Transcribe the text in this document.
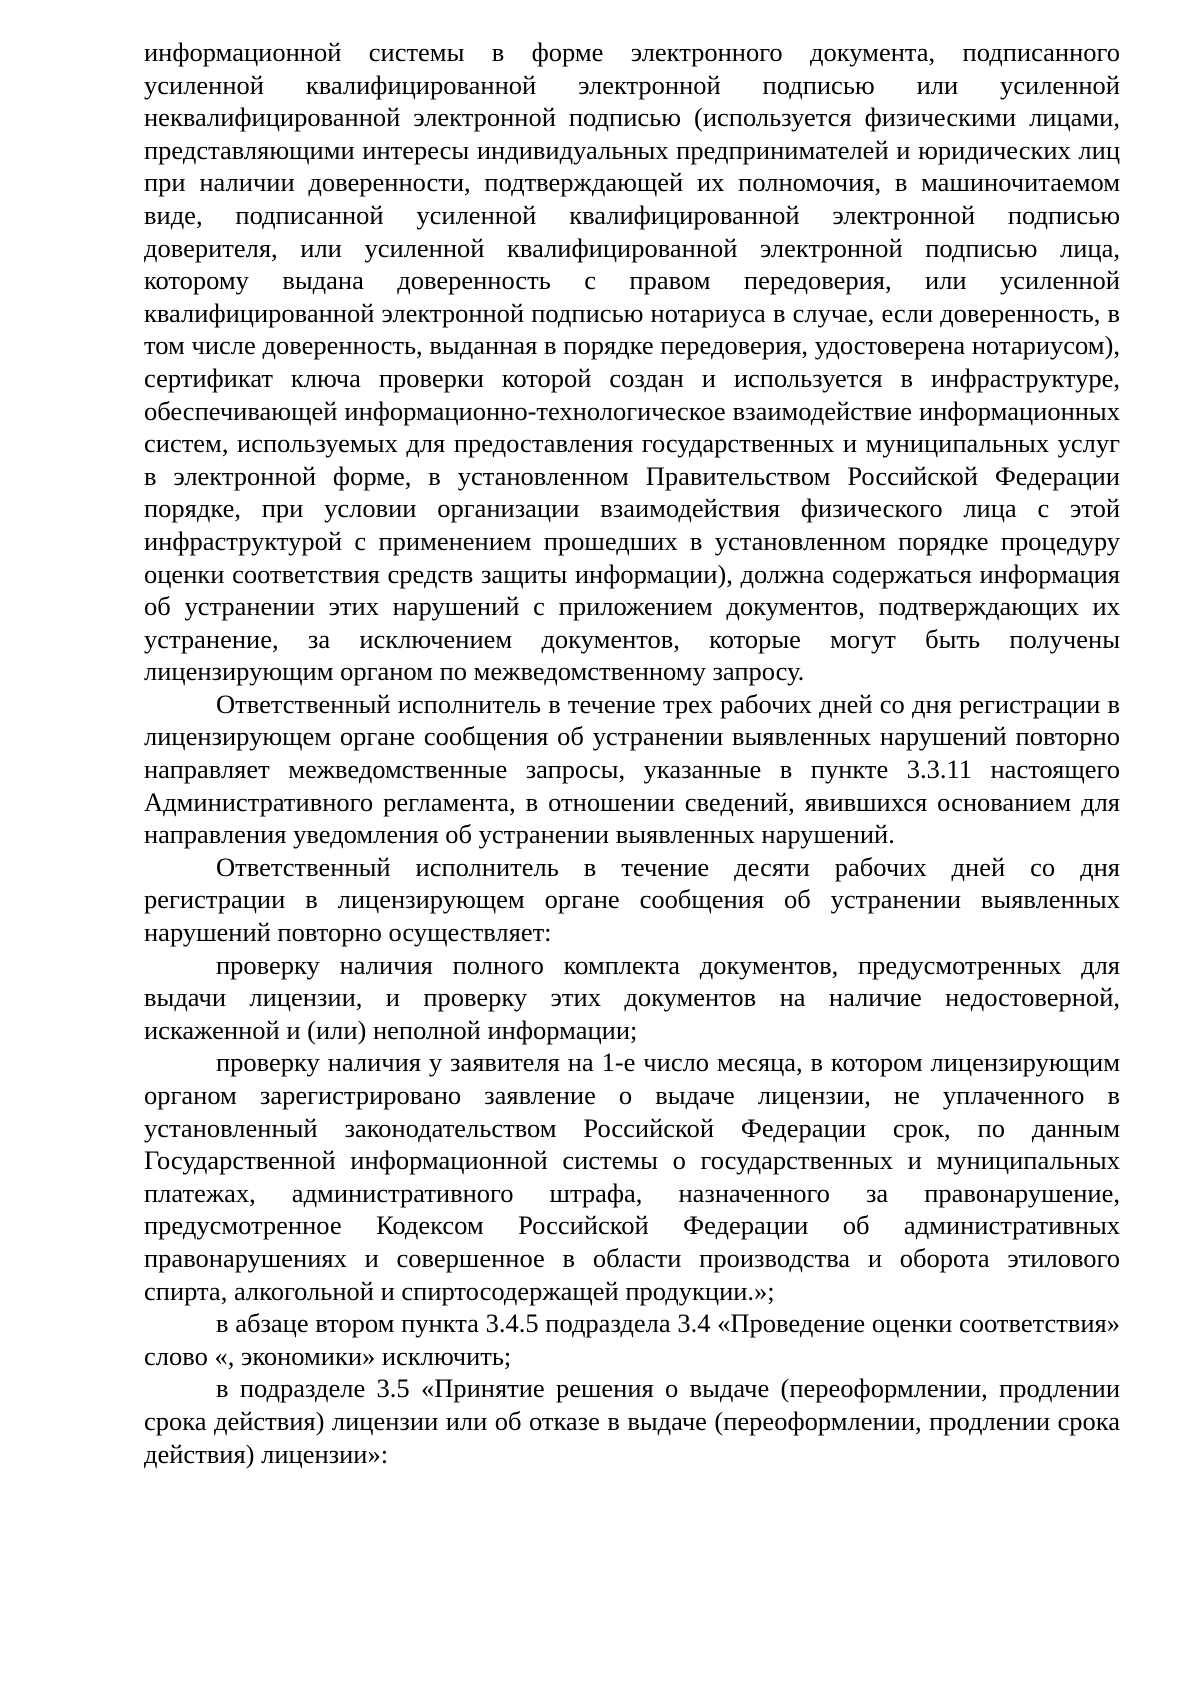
информационной системы в форме электронного документа, подписанного усиленной квалифицированной электронной подписью или усиленной неквалифицированной электронной подписью (используется физическими лицами, представляющими интересы индивидуальных предпринимателей и юридических лиц при наличии доверенности, подтверждающей их полномочия, в машиночитаемом виде, подписанной усиленной квалифицированной электронной подписью доверителя, или усиленной квалифицированной электронной подписью лица, которому выдана доверенность с правом передоверия, или усиленной квалифицированной электронной подписью нотариуса в случае, если доверенность, в том числе доверенность, выданная в порядке передоверия, удостоверена нотариусом), сертификат ключа проверки которой создан и используется в инфраструктуре, обеспечивающей информационно-технологическое взаимодействие информационных систем, используемых для предоставления государственных и муниципальных услуг в электронной форме, в установленном Правительством Российской Федерации порядке, при условии организации взаимодействия физического лица с этой инфраструктурой с применением прошедших в установленном порядке процедуру оценки соответствия средств защиты информации), должна содержаться информация об устранении этих нарушений с приложением документов, подтверждающих их устранение, за исключением документов, которые могут быть получены лицензирующим органом по межведомственному запросу.

Ответственный исполнитель в течение трех рабочих дней со дня регистрации в лицензирующем органе сообщения об устранении выявленных нарушений повторно направляет межведомственные запросы, указанные в пункте 3.3.11 настоящего Административного регламента, в отношении сведений, явившихся основанием для направления уведомления об устранении выявленных нарушений.

Ответственный исполнитель в течение десяти рабочих дней со дня регистрации в лицензирующем органе сообщения об устранении выявленных нарушений повторно осуществляет:

проверку наличия полного комплекта документов, предусмотренных для выдачи лицензии, и проверку этих документов на наличие недостоверной, искаженной и (или) неполной информации;

проверку наличия у заявителя на 1-е число месяца, в котором лицензирующим органом зарегистрировано заявление о выдаче лицензии, не уплаченного в установленный законодательством Российской Федерации срок, по данным Государственной информационной системы о государственных и муниципальных платежах, административного штрафа, назначенного за правонарушение, предусмотренное Кодексом Российской Федерации об административных правонарушениях и совершенное в области производства и оборота этилового спирта, алкогольной и спиртосодержащей продукции.»;

в абзаце втором пункта 3.4.5 подраздела 3.4 «Проведение оценки соответствия» слово «, экономики» исключить;

в подразделе 3.5 «Принятие решения о выдаче (переоформлении, продлении срока действия) лицензии или об отказе в выдаче (переоформлении, продлении срока действия) лицензии»:
